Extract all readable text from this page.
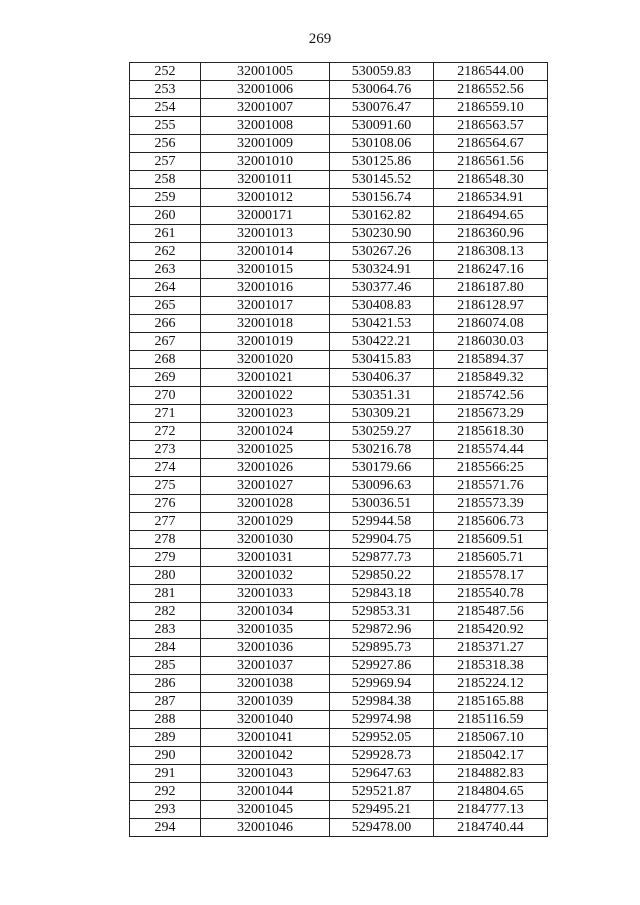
269
252	32001005	530059.83	2186544.00
253	32001006	530064.76	2186552.56
254	32001007	530076.47	2186559.10
255	32001008	530091.60	2186563.57
256	32001009	530108.06	2186564.67
257	32001010	530125.86	2186561.56
258	32001011	530145.52	2186548.30
259	32001012	530156.74	2186534.91
260	32000171	530162.82	2186494.65
261	32001013	530230.90	2186360.96
262	32001014	530267.26	2186308.13
263	32001015	530324.91	2186247.16
264	32001016	530377.46	2186187.80
265	32001017	530408.83	2186128.97
266	32001018	530421.53	2186074.08
267	32001019	530422.21	2186030.03
268	32001020	530415.83	2185894.37
269	32001021	530406.37	2185849.32
270	32001022	530351.31	2185742.56
271	32001023	530309.21	2185673.29
272	32001024	530259.27	2185618.30
273	32001025	530216.78	2185574.44
274	32001026	530179.66	2185566:25
275	32001027	530096.63	2185571.76
276	32001028	530036.51	2185573.39
277	32001029	529944.58	2185606.73
278	32001030	529904.75	2185609.51
279	32001031	529877.73	2185605.71
280	32001032	529850.22	2185578.17
281	32001033	529843.18	2185540.78
282	32001034	529853.31	2185487.56
283	32001035	529872.96	2185420.92
284	32001036	529895.73	2185371.27
285	32001037	529927.86	2185318.38
286	32001038	529969.94	2185224.12
287	32001039	529984.38	2185165.88
288	32001040	529974.98	2185116.59
289	32001041	529952.05	2185067.10
290	32001042	529928.73	2185042.17
291	32001043	529647.63	2184882.83
292	32001044	529521.87	2184804.65
293	32001045	529495.21	2184777.13
294	32001046	529478.00	2184740.44
